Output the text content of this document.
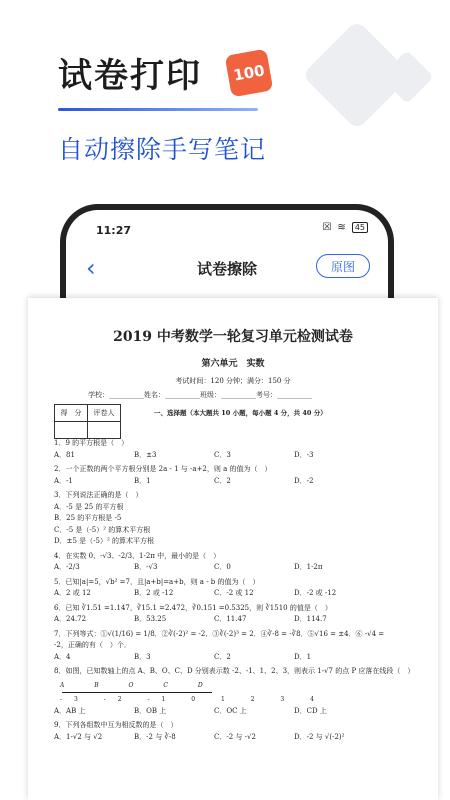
试卷打印	100
自动擦除手写笔记
11:27	☒ ≋	45
‹	试卷擦除	原图
2019 中考数学一轮复习单元检测试卷
第六单元　实数
考试时间：120 分钟；满分：150 分
学校：__________姓名：__________班级：__________考号：__________
得　分	评卷人
		一、选择题（本大题共 10 小题，每小题 4 分，共 40 分）
1．9 的平方根是（　）
A．81	B．±3	C．3	D．-3
2．一个正数的两个平方根分别是 2a - 1 与 -a+2，则 a 的值为（　）
A．-1	B．1	C．2	D．-2
3．下列说法正确的是（　）
A．-5 是 25 的平方根
B．25 的平方根是 -5
C．-5 是（-5）² 的算术平方根
D．±5 是（-5）² 的算术平方根
4．在实数 0、-√3、-2/3、1-2π 中，最小的是（　）
A．-2/3	B．-√3	C．0	D．1-2π
5．已知|a|=5，√b² =7，且|a+b|=a+b，则 a - b 的值为（　）
A．2 或 12	B．2 或 -12	C．-2 或 12	D．-2 或 -12
6．已知 ∛1.51 =1.147，∛15.1 =2.472，∛0.151 =0.5325，则 ∛1510 的值是（　）
A．24.72	B．53.25	C．11.47	D．114.7
7．下列等式：①√(1/16) = 1/8．②∛(-2)² = -2．③∛(-2)³ = 2．④∛-8 = -∛8．⑤√16 = ±4．⑥ -√4 =
-2，正确的有（　）个．
A．4	B．3	C．2	D．1
8．如图，已知数轴上的点 A、B、O、C、D 分别表示数 -2、-1、1、2、3，则表示 1-√7 的点 P 应落在线段（　）
A B O C D
-3 -2 -1 0 1 2 3 4
A．AB 上	B．OB 上	C．OC 上	D．CD 上
9．下列各组数中互为相反数的是（　）
A．1-√2 与 √2	B．-2 与 ∛-8	C．-2 与 -√2	D．-2 与 √(-2)²
